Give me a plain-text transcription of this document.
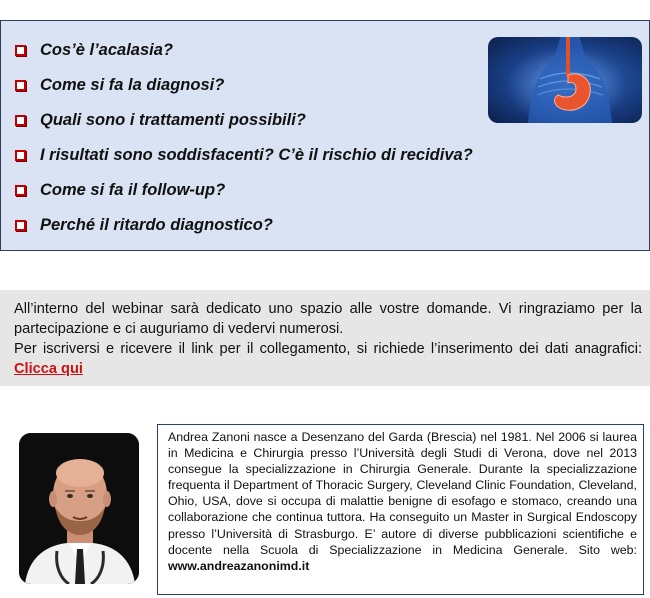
Cos’è l’acalasia?
Come si fa la diagnosi?
Quali sono i trattamenti possibili?
I risultati sono soddisfacenti? C’è il rischio di recidiva?
Come si fa il follow-up?
Perché il ritardo diagnostico?

All’interno del webinar sarà dedicato uno spazio alle vostre domande. Vi ringraziamo per la partecipazione e ci auguriamo di vedervi numerosi.

Per iscriversi e ricevere il link per il collegamento, si richiede l’inserimento dei dati anagrafici: Clicca qui

Andrea Zanoni nasce a Desenzano del Garda (Brescia) nel 1981. Nel 2006 si laurea in Medicina e Chirurgia presso l’Università degli Studi di Verona, dove nel 2013 consegue la specializzazione in Chirurgia Generale. Durante la specializzazione frequenta il Department of Thoracic Surgery, Cleveland Clinic Foundation, Cleveland, Ohio, USA, dove si occupa di malattie benigne di esofago e stomaco, creando una collaborazione che continua tuttora. Ha conseguito un Master in Surgical Endoscopy presso l’Università di Strasburgo. E’ autore di diverse pubblicazioni scientifiche e docente nella Scuola di Specializzazione in Medicina Generale. Sito web: www.andreazanonimd.it
